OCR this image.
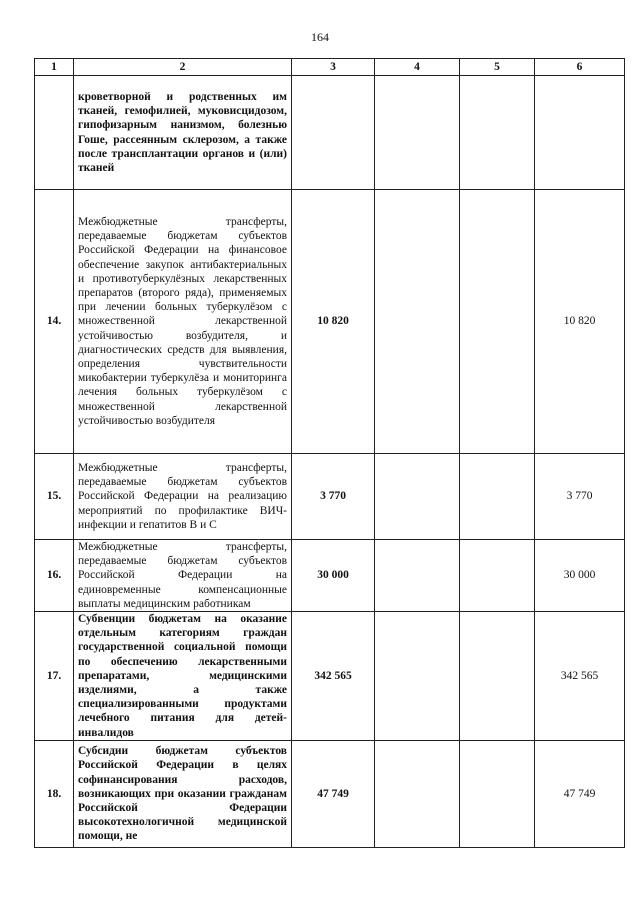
164
1	2	3	4	5	6
	кроветворной и родственных им тканей, гемофилией, муковисцидозом, гипофизарным нанизмом, болезнью Гоше, рассеянным склерозом, а также после трансплантации органов и (или) тканей				
14.	Межбюджетные трансферты, передаваемые бюджетам субъектов Российской Федерации на финансовое обеспечение закупок антибактериальных и противотуберкулёзных лекарственных препаратов (второго ряда), применяемых при лечении больных туберкулёзом с множественной лекарственной устойчивостью возбудителя, и диагностических средств для выявления, определения чувствительности микобактерии туберкулёза и мониторинга лечения больных туберкулёзом с множественной лекарственной устойчивостью возбудителя	10 820			10 820
15.	Межбюджетные трансферты, передаваемые бюджетам субъектов Российской Федерации на реализацию мероприятий по профилактике ВИЧ-инфекции и гепатитов В и С	3 770			3 770
16.	Межбюджетные трансферты, передаваемые бюджетам субъектов Российской Федерации на единовременные компенсационные выплаты медицинским работникам	30 000			30 000
17.	Субвенции бюджетам на оказание отдельным категориям граждан государственной социальной помощи по обеспечению лекарственными препаратами, медицинскими изделиями, а также специализированными продуктами лечебного питания для детей-инвалидов	342 565			342 565
18.	Субсидии бюджетам субъектов Российской Федерации в целях софинансирования расходов, возникающих при оказании гражданам Российской Федерации высокотехнологичной медицинской помощи, не	47 749			47 749
